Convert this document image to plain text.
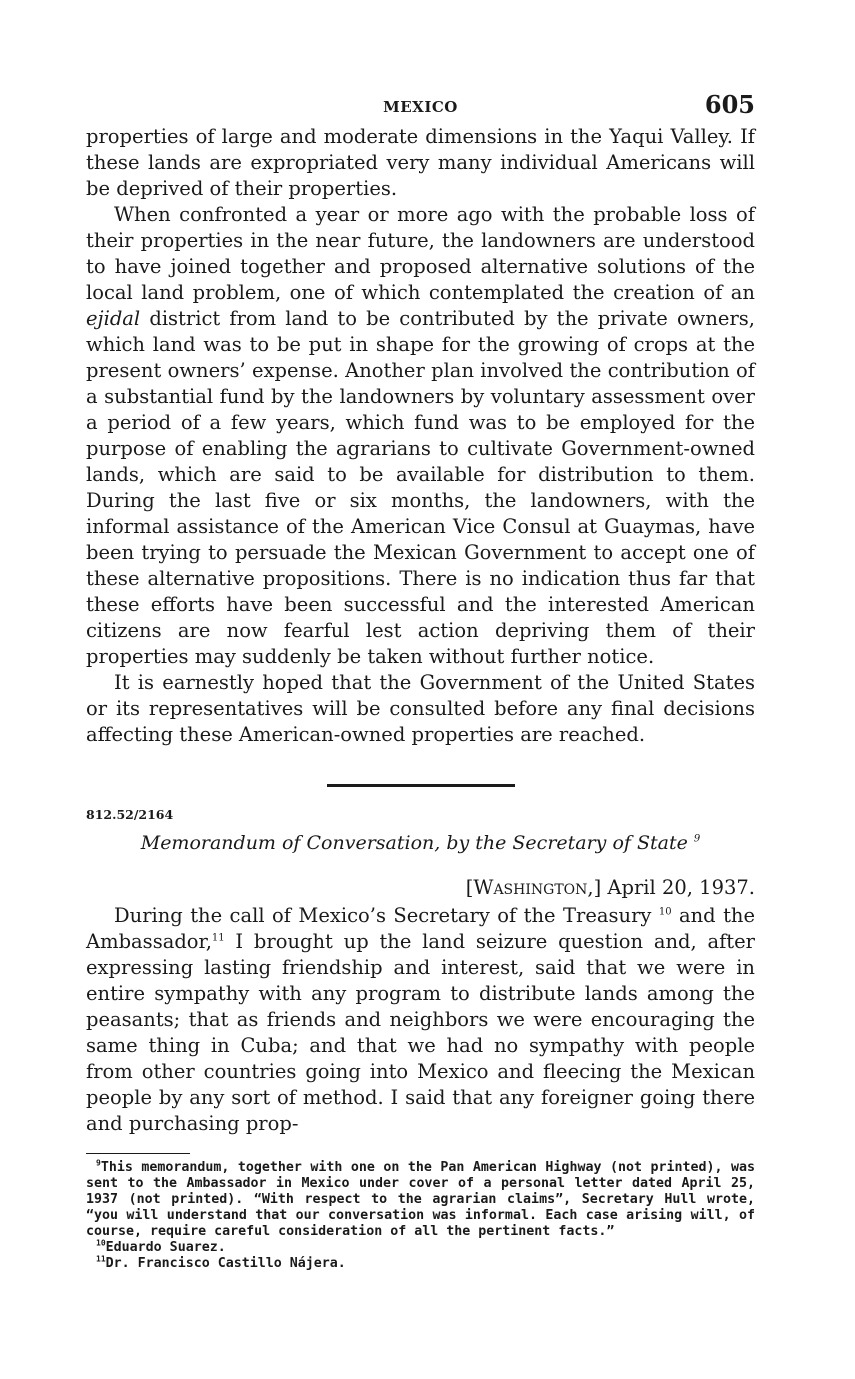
MEXICO	605

properties of large and moderate dimensions in the Yaqui Valley. If these lands are expropriated very many individual Americans will be deprived of their properties.

When confronted a year or more ago with the probable loss of their properties in the near future, the landowners are understood to have joined together and proposed alternative solutions of the local land problem, one of which contemplated the creation of an ejidal district from land to be contributed by the private owners, which land was to be put in shape for the growing of crops at the present owners’ expense. Another plan involved the contribution of a substantial fund by the landowners by voluntary assessment over a period of a few years, which fund was to be employed for the purpose of enabling the agrarians to cultivate Government-owned lands, which are said to be available for distribution to them. During the last five or six months, the landowners, with the informal assistance of the American Vice Consul at Guaymas, have been trying to persuade the Mexican Government to accept one of these alternative propositions. There is no indication thus far that these efforts have been successful and the interested American citizens are now fearful lest action depriving them of their properties may suddenly be taken without further notice.

It is earnestly hoped that the Government of the United States or its representatives will be consulted before any final decisions affecting these American-owned properties are reached.

812.52/2164

Memorandum of Conversation, by the Secretary of State $^9$

[Washington,] April 20, 1937.

During the call of Mexico’s Secretary of the Treasury $^{10}$ and the Ambassador,$^{11}$ I brought up the land seizure question and, after expressing lasting friendship and interest, said that we were in entire sympathy with any program to distribute lands among the peasants; that as friends and neighbors we were encouraging the same thing in Cuba; and that we had no sympathy with people from other countries going into Mexico and fleecing the Mexican people by any sort of method. I said that any foreigner going there and purchasing prop-

$^9$This memorandum, together with one on the Pan American Highway (not printed), was sent to the Ambassador in Mexico under cover of a personal letter dated April 25, 1937 (not printed). “With respect to the agrarian claims”, Secretary Hull wrote, “you will understand that our conversation was informal. Each case arising will, of course, require careful consideration of all the pertinent facts.”

$^{10}$Eduardo Suarez.

$^{11}$Dr. Francisco Castillo Nájera.
